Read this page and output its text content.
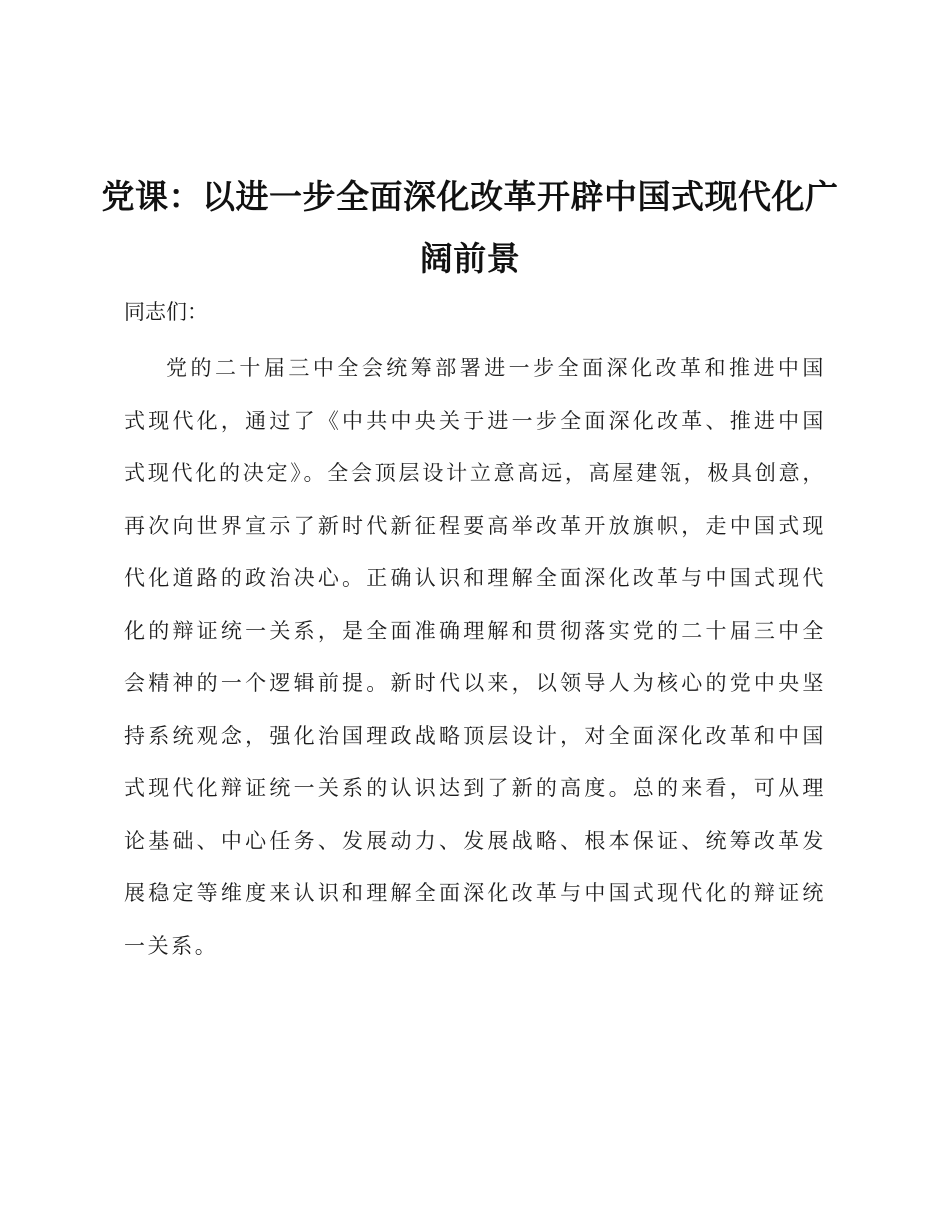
党课：以进一步全面深化改革开辟中国式现代化广阔前景

同志们：

党的二十届三中全会统筹部署进一步全面深化改革和推进中国式现代化，通过了《中共中央关于进一步全面深化改革、推进中国式现代化的决定》。全会顶层设计立意高远，高屋建瓴，极具创意，再次向世界宣示了新时代新征程要高举改革开放旗帜，走中国式现代化道路的政治决心。正确认识和理解全面深化改革与中国式现代化的辩证统一关系，是全面准确理解和贯彻落实党的二十届三中全会精神的一个逻辑前提。新时代以来，以领导人为核心的党中央坚持系统观念，强化治国理政战略顶层设计，对全面深化改革和中国式现代化辩证统一关系的认识达到了新的高度。总的来看，可从理论基础、中心任务、发展动力、发展战略、根本保证、统筹改革发展稳定等维度来认识和理解全面深化改革与中国式现代化的辩证统一关系。
